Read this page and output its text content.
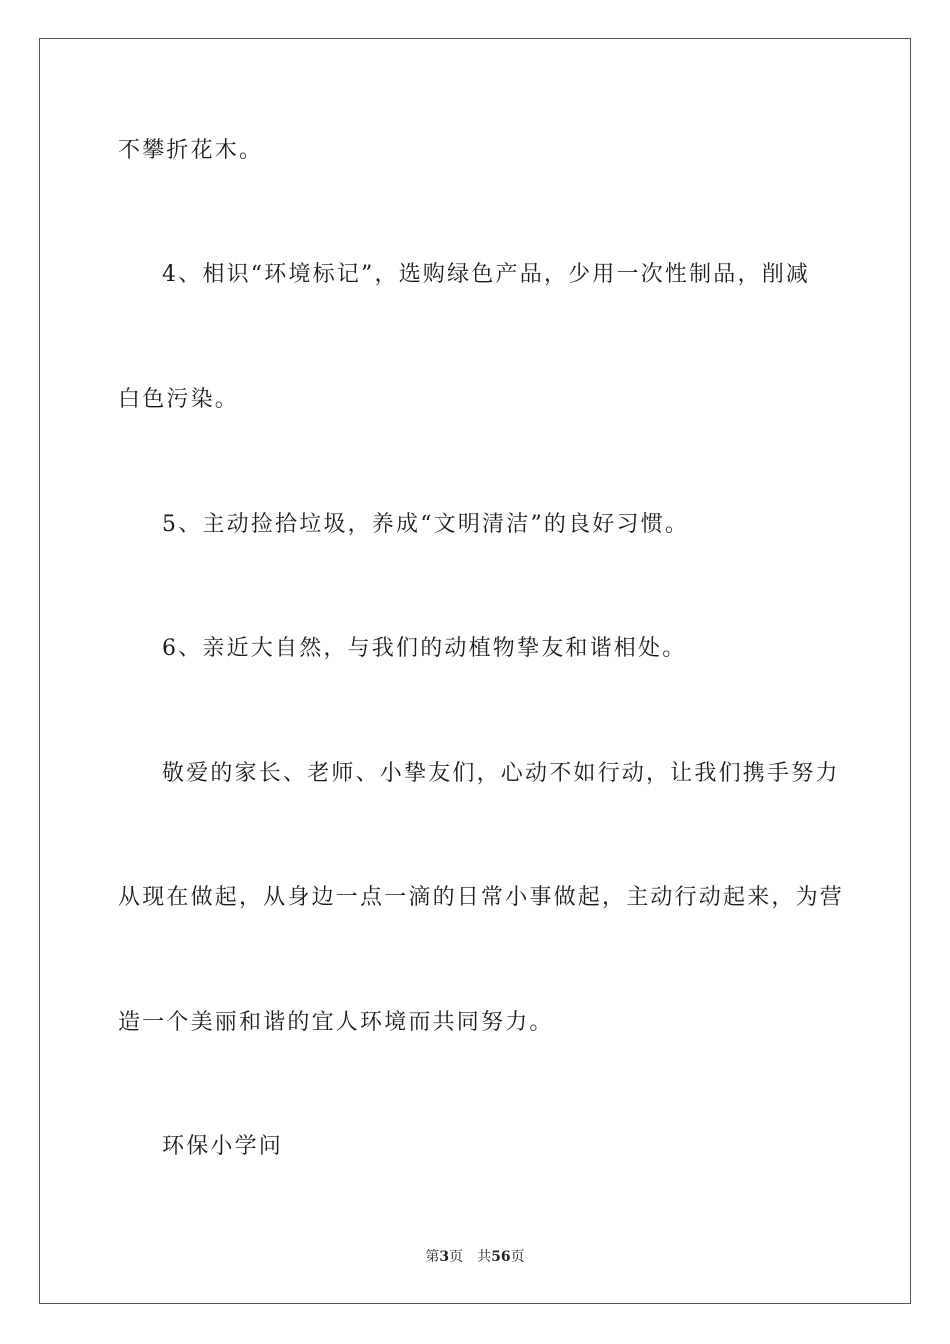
不攀折花木。
4、相识“环境标记”，选购绿色产品，少用一次性制品，削减
白色污染。
5、主动捡拾垃圾，养成“文明清洁”的良好习惯。
6、亲近大自然，与我们的动植物挚友和谐相处。
敬爱的家长、老师、小挚友们，心动不如行动，让我们携手努力
从现在做起，从身边一点一滴的日常小事做起，主动行动起来，为营
造一个美丽和谐的宜人环境而共同努力。
环保小学问
第3页 共56页
